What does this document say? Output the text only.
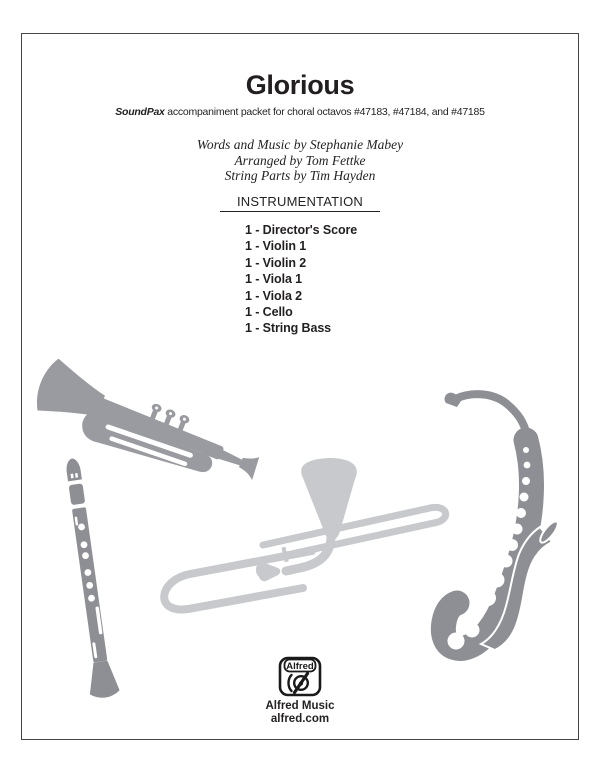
Glorious
SoundPax accompaniment packet for choral octavos #47183, #47184, and #47185
Words and Music by Stephanie Mabey
Arranged by Tom Fettke
String Parts by Tim Hayden
INSTRUMENTATION
1 - Director's Score
1 - Violin 1
1 - Violin 2
1 - Viola 1
1 - Viola 2
1 - Cello
1 - String Bass
Alfred
Alfred Music
alfred.com
